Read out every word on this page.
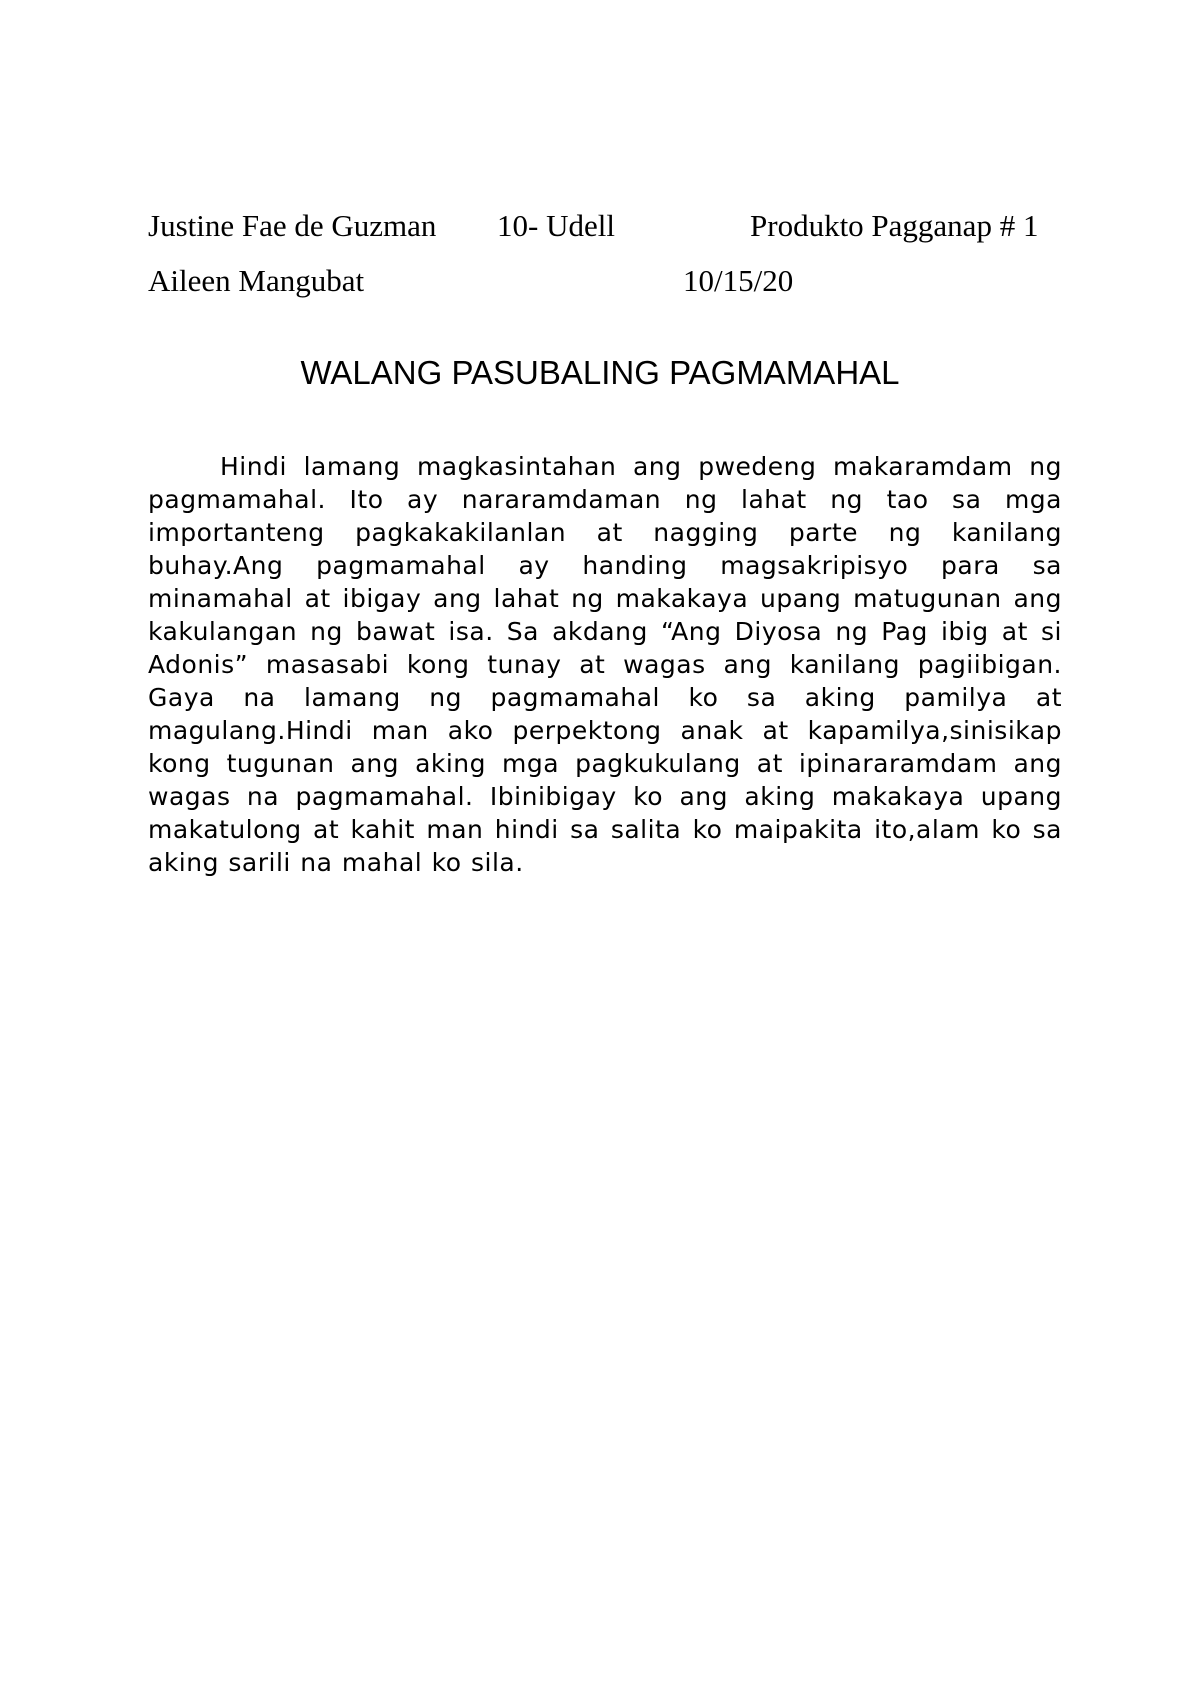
Justine Fae de Guzman 10- Udell	Produkto Pagganap # 1
Aileen Mangubat	10/15/20
WALANG PASUBALING PAGMAMAHAL

Hindi lamang magkasintahan ang pwedeng makaramdam ng pagmamahal. Ito ay nararamdaman ng lahat ng tao sa mga importanteng pagkakakilanlan at nagging parte ng kanilang buhay.Ang pagmamahal ay handing magsakripisyo para sa minamahal at ibigay ang lahat ng makakaya upang matugunan ang kakulangan ng bawat isa. Sa akdang “Ang Diyosa ng Pag ibig at si Adonis” masasabi kong tunay at wagas ang kanilang pagiibigan. Gaya na lamang ng pagmamahal ko sa aking pamilya at magulang.Hindi man ako perpektong anak at kapamilya,sinisikap kong tugunan ang aking mga pagkukulang at ipinararamdam ang wagas na pagmamahal. Ibinibigay ko ang aking makakaya upang makatulong at kahit man hindi sa salita ko maipakita ito,alam ko sa aking sarili na mahal ko sila.
